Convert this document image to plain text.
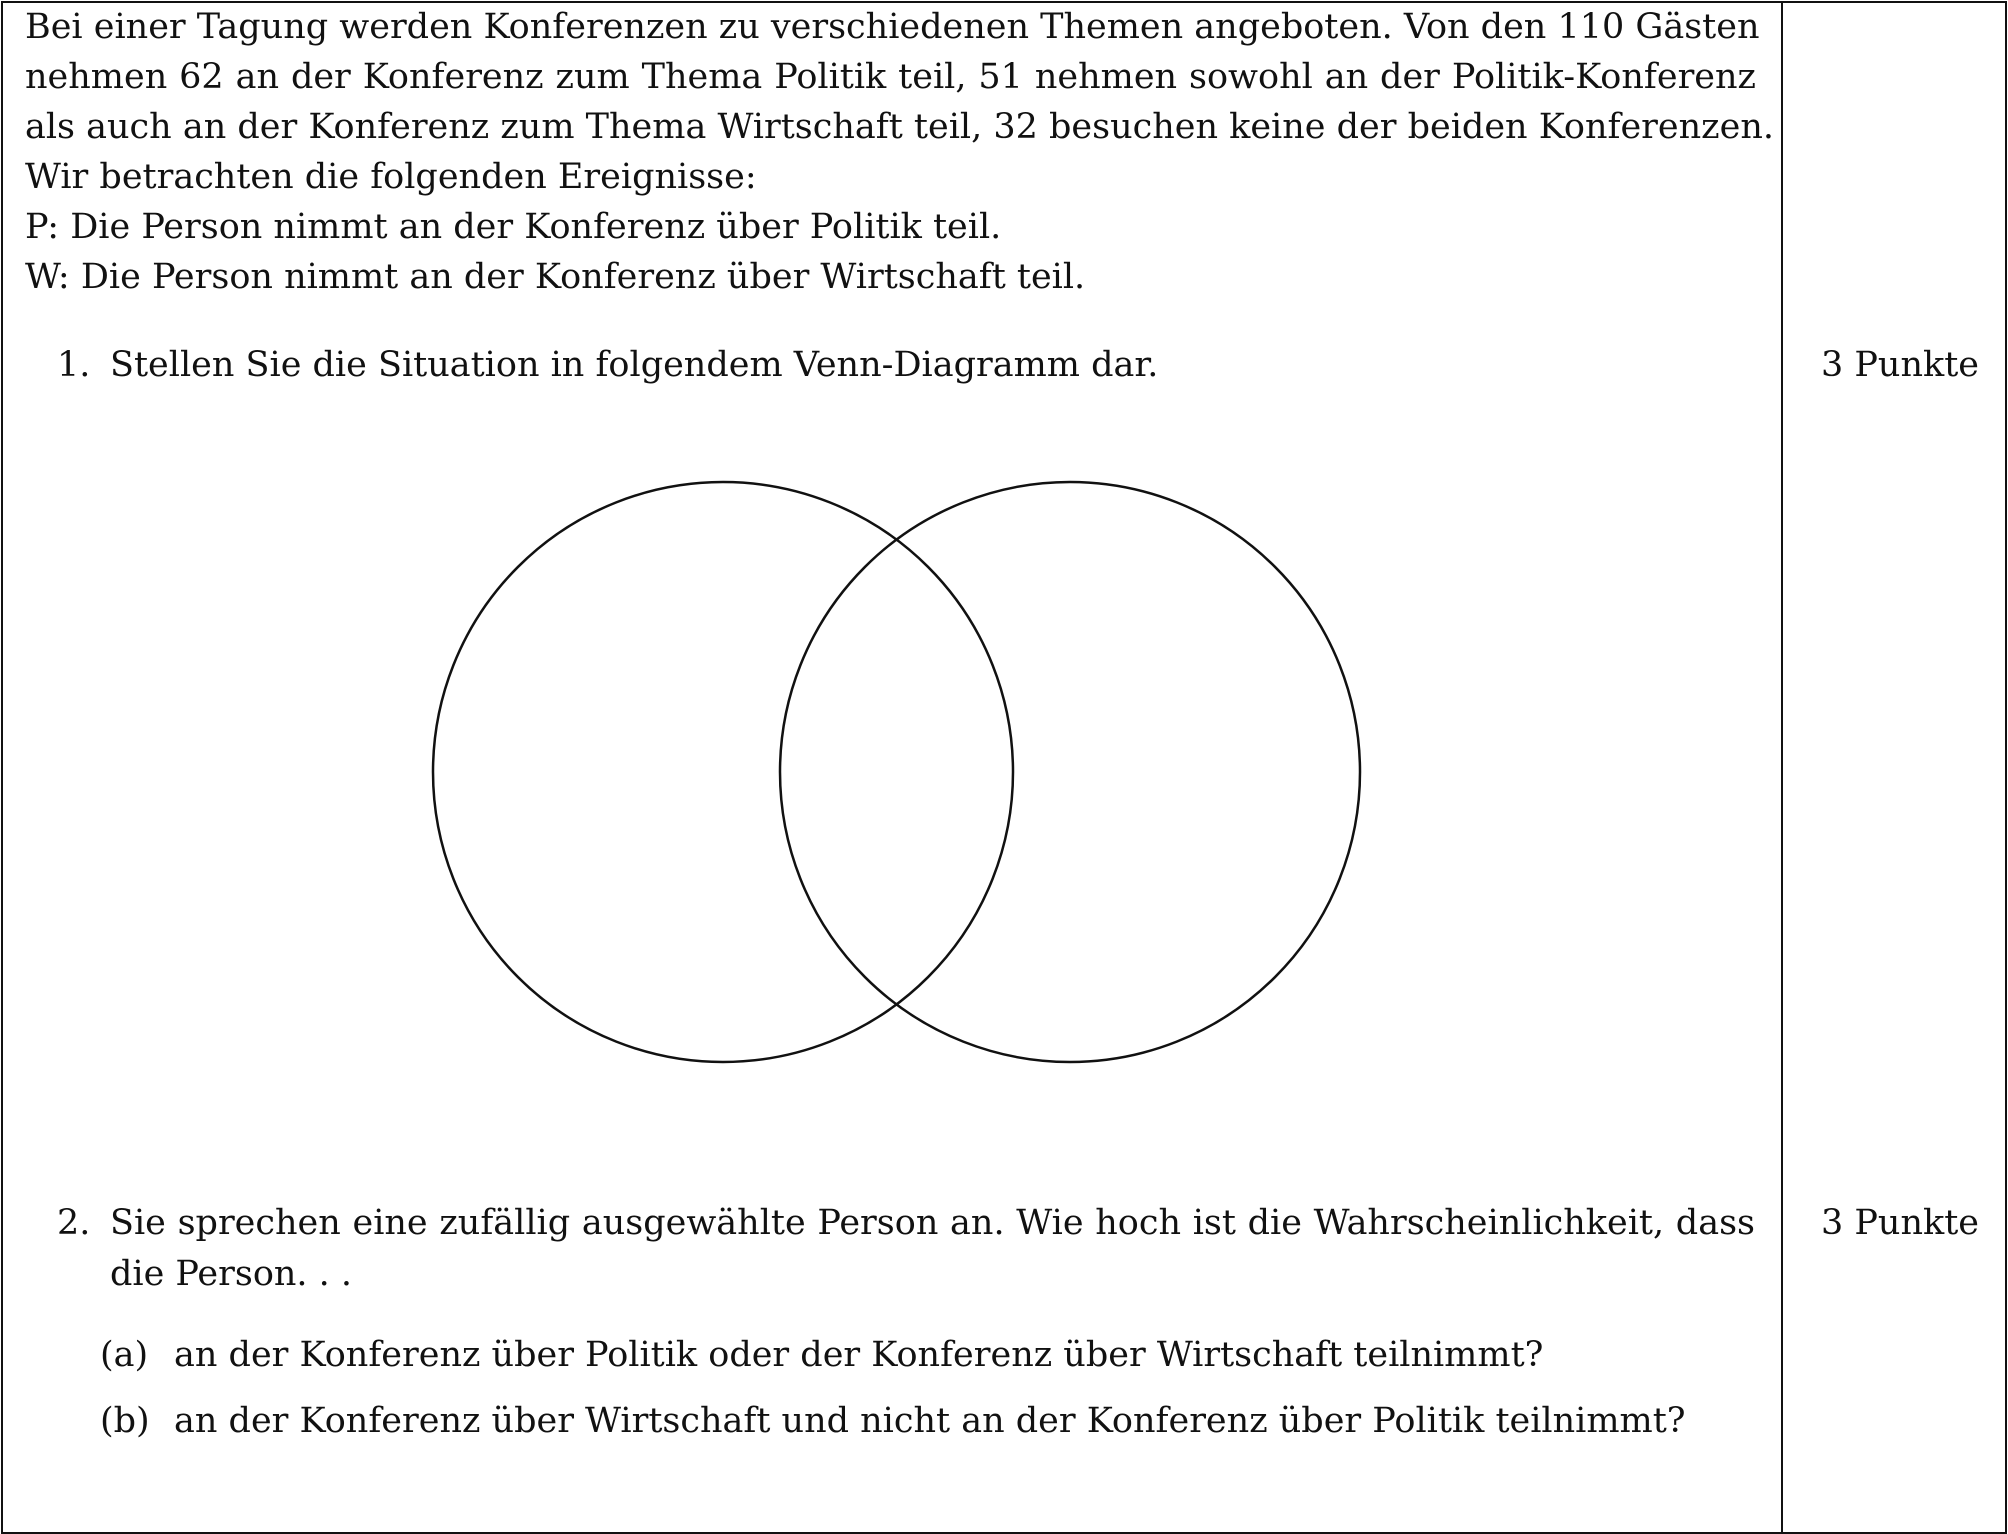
Bei einer Tagung werden Konferenzen zu verschiedenen Themen angeboten. Von den 110 Gästen
nehmen 62 an der Konferenz zum Thema Politik teil, 51 nehmen sowohl an der Politik-Konferenz
als auch an der Konferenz zum Thema Wirtschaft teil, 32 besuchen keine der beiden Konferenzen.
Wir betrachten die folgenden Ereignisse:
P: Die Person nimmt an der Konferenz über Politik teil.
W: Die Person nimmt an der Konferenz über Wirtschaft teil.
1. Stellen Sie die Situation in folgendem Venn-Diagramm dar.	3 Punkte
2. Sie sprechen eine zufällig ausgewählte Person an. Wie hoch ist die Wahrscheinlichkeit, dass
die Person. . .
3 Punkte
(a) an der Konferenz über Politik oder der Konferenz über Wirtschaft teilnimmt?
(b) an der Konferenz über Wirtschaft und nicht an der Konferenz über Politik teilnimmt?
